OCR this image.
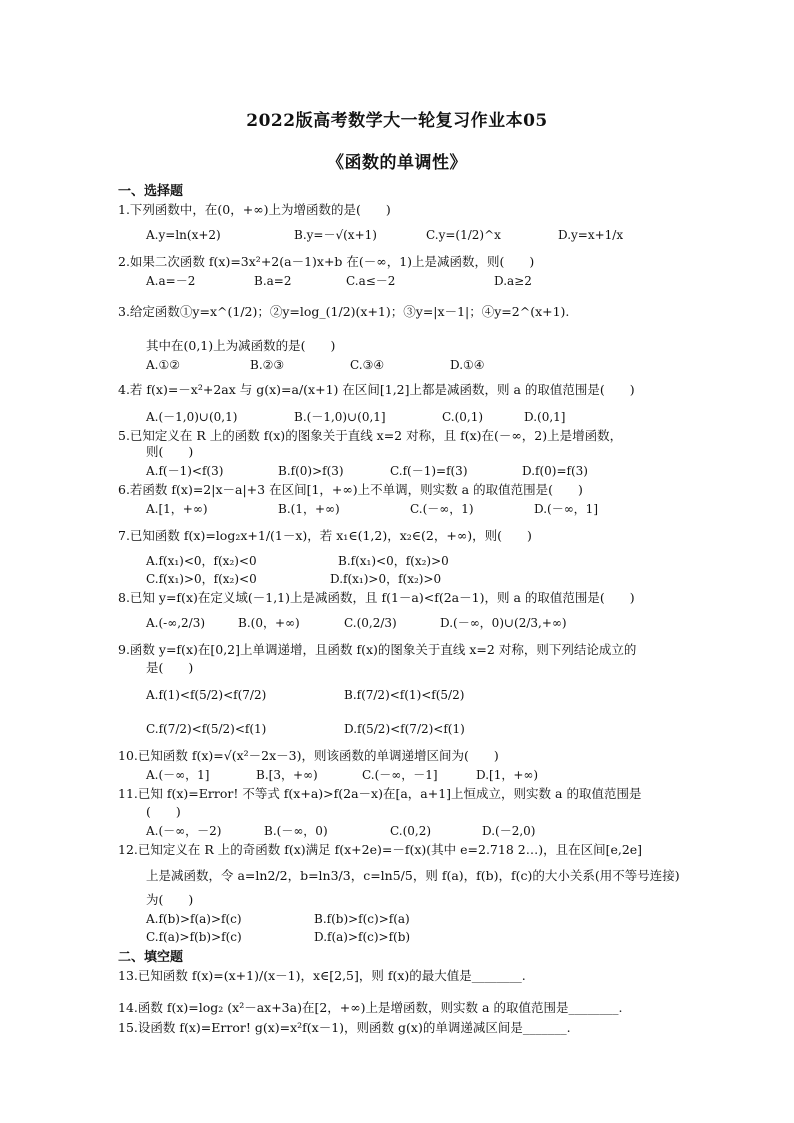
2022版高考数学大一轮复习作业本05
《函数的单调性》
一、选择题
1.下列函数中，在(0，+∞)上为增函数的是(　　)
A.y=ln(x+2)	B.y=－√(x+1)	C.y=(1/2)^x	D.y=x+1/x
2.如果二次函数 f(x)=3x²+2(a－1)x+b 在(－∞，1)上是减函数，则(　　)
A.a=－2	B.a=2	C.a≤－2	D.a≥2
3.给定函数①y=x^(1/2)；②y=log_(1/2)(x+1)；③y=|x－1|；④y=2^(x+1).
其中在(0,1)上为减函数的是(　　)
A.①②	B.②③	C.③④	D.①④
4.若 f(x)=－x²+2ax 与 g(x)=a/(x+1) 在区间[1,2]上都是减函数，则 a 的取值范围是(　　)
A.(－1,0)∪(0,1)	B.(－1,0)∪(0,1]	C.(0,1)	D.(0,1]
5.已知定义在 R 上的函数 f(x)的图象关于直线 x=2 对称，且 f(x)在(－∞，2)上是增函数，
则(　　)
A.f(－1)<f(3)	B.f(0)>f(3)	C.f(－1)=f(3)	D.f(0)=f(3)
6.若函数 f(x)=2|x－a|+3 在区间[1，+∞)上不单调，则实数 a 的取值范围是(　　)
A.[1，+∞)	B.(1，+∞)	C.(－∞，1)	D.(－∞，1]
7.已知函数 f(x)=log₂x+1/(1－x)，若 x₁∈(1,2)，x₂∈(2，+∞)，则(　　)
A.f(x₁)<0，f(x₂)<0	B.f(x₁)<0，f(x₂)>0
C.f(x₁)>0，f(x₂)<0	D.f(x₁)>0，f(x₂)>0
8.已知 y=f(x)在定义域(－1,1)上是减函数，且 f(1－a)<f(2a－1)，则 a 的取值范围是(　　)
A.(-∞,2/3)	B.(0，+∞)	C.(0,2/3)	D.(－∞，0)∪(2/3,+∞)
9.函数 y=f(x)在[0,2]上单调递增，且函数 f(x)的图象关于直线 x=2 对称，则下列结论成立的
是(　　)
A.f(1)<f(5/2)<f(7/2)	B.f(7/2)<f(1)<f(5/2)
C.f(7/2)<f(5/2)<f(1)	D.f(5/2)<f(7/2)<f(1)
10.已知函数 f(x)=√(x²－2x－3)，则该函数的单调递增区间为(　　)
A.(－∞，1]	B.[3，+∞)	C.(－∞，－1]	D.[1，+∞)
11.已知 f(x)=Error! 不等式 f(x+a)>f(2a－x)在[a，a+1]上恒成立，则实数 a 的取值范围是
(　　)
A.(－∞，－2)	B.(－∞，0)	C.(0,2)	D.(－2,0)
12.已知定义在 R 上的奇函数 f(x)满足 f(x+2e)=－f(x)(其中 e=2.718 2…)，且在区间[e,2e]
上是减函数，令 a=ln2/2，b=ln3/3，c=ln5/5，则 f(a)，f(b)，f(c)的大小关系(用不等号连接)
为(　　)
A.f(b)>f(a)>f(c)	B.f(b)>f(c)>f(a)
C.f(a)>f(b)>f(c)	D.f(a)>f(c)>f(b)
二、填空题
13.已知函数 f(x)=(x+1)/(x－1)，x∈[2,5]，则 f(x)的最大值是________.
14.函数 f(x)=log₂ (x²－ax+3a)在[2，+∞)上是增函数，则实数 a 的取值范围是________.
15.设函数 f(x)=Error! g(x)=x²f(x－1)，则函数 g(x)的单调递减区间是_______.
